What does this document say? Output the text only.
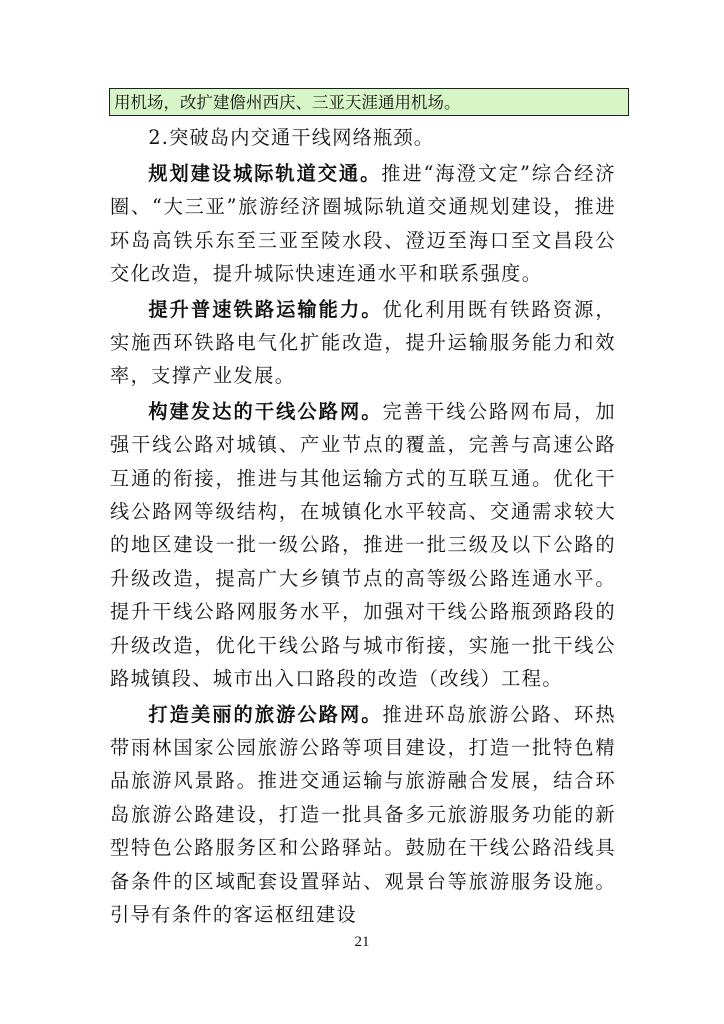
用机场，改扩建儋州西庆、三亚天涯通用机场。

2.突破岛内交通干线网络瓶颈。

规划建设城际轨道交通。推进“海澄文定”综合经济圈、“大三亚”旅游经济圈城际轨道交通规划建设，推进环岛高铁乐东至三亚至陵水段、澄迈至海口至文昌段公交化改造，提升城际快速连通水平和联系强度。

提升普速铁路运输能力。优化利用既有铁路资源，实施西环铁路电气化扩能改造，提升运输服务能力和效率，支撑产业发展。

构建发达的干线公路网。完善干线公路网布局，加强干线公路对城镇、产业节点的覆盖，完善与高速公路互通的衔接，推进与其他运输方式的互联互通。优化干线公路网等级结构，在城镇化水平较高、交通需求较大的地区建设一批一级公路，推进一批三级及以下公路的升级改造，提高广大乡镇节点的高等级公路连通水平。提升干线公路网服务水平，加强对干线公路瓶颈路段的升级改造，优化干线公路与城市衔接，实施一批干线公路城镇段、城市出入口路段的改造（改线）工程。

打造美丽的旅游公路网。推进环岛旅游公路、环热带雨林国家公园旅游公路等项目建设，打造一批特色精品旅游风景路。推进交通运输与旅游融合发展，结合环岛旅游公路建设，打造一批具备多元旅游服务功能的新型特色公路服务区和公路驿站。鼓励在干线公路沿线具备条件的区域配套设置驿站、观景台等旅游服务设施。引导有条件的客运枢纽建设

21
